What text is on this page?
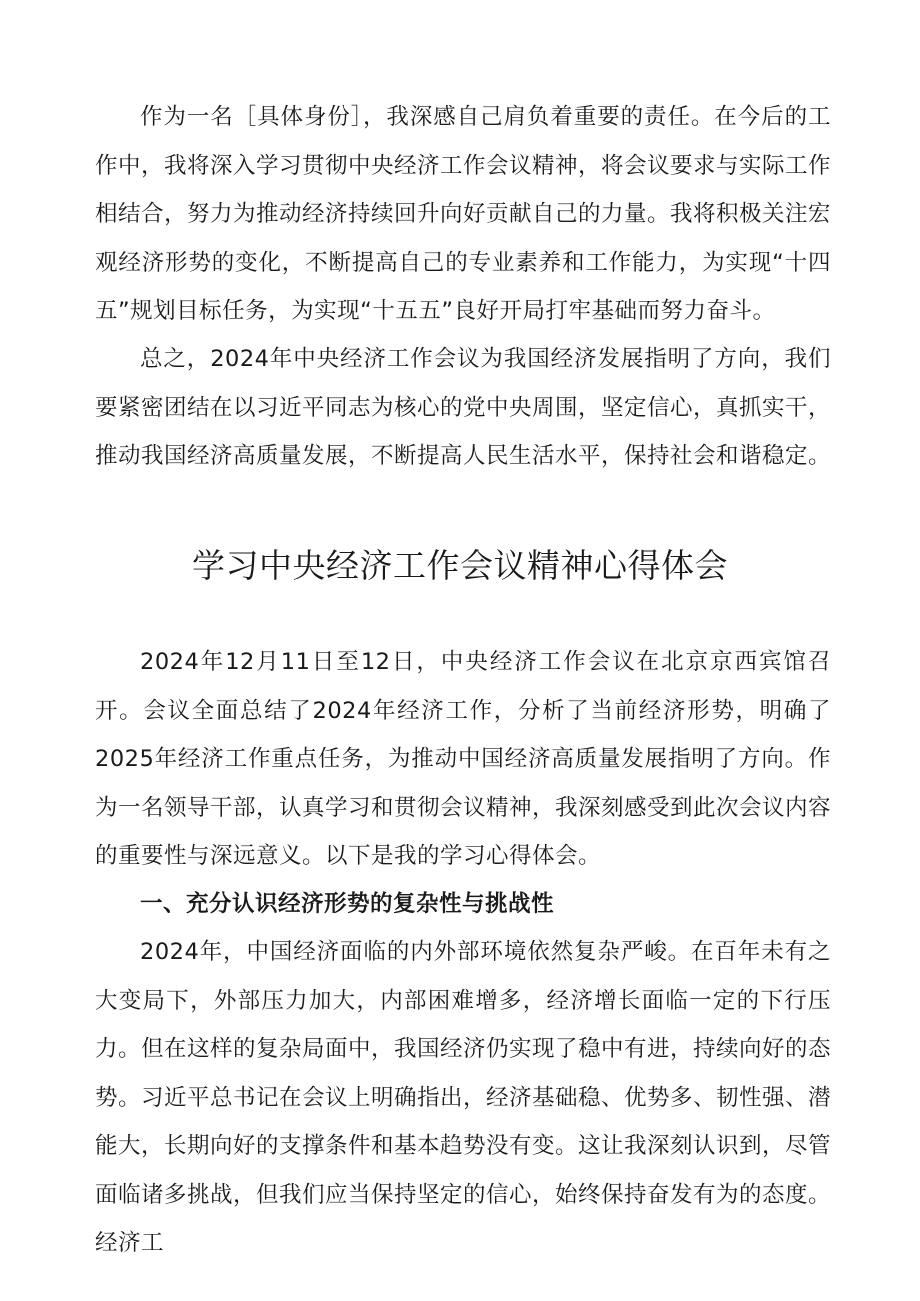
作为一名［具体身份］，我深感自己肩负着重要的责任。在今后的工作中，我将深入学习贯彻中央经济工作会议精神，将会议要求与实际工作相结合，努力为推动经济持续回升向好贡献自己的力量。我将积极关注宏观经济形势的变化，不断提高自己的专业素养和工作能力，为实现“十四五”规划目标任务，为实现“十五五”良好开局打牢基础而努力奋斗。

总之，2024年中央经济工作会议为我国经济发展指明了方向，我们要紧密团结在以习近平同志为核心的党中央周围，坚定信心，真抓实干，推动我国经济高质量发展，不断提高人民生活水平，保持社会和谐稳定。

学习中央经济工作会议精神心得体会

2024年12月11日至12日，中央经济工作会议在北京京西宾馆召开。会议全面总结了2024年经济工作，分析了当前经济形势，明确了2025年经济工作重点任务，为推动中国经济高质量发展指明了方向。作为一名领导干部，认真学习和贯彻会议精神，我深刻感受到此次会议内容的重要性与深远意义。以下是我的学习心得体会。

一、充分认识经济形势的复杂性与挑战性

2024年，中国经济面临的内外部环境依然复杂严峻。在百年未有之大变局下，外部压力加大，内部困难增多，经济增长面临一定的下行压力。但在这样的复杂局面中，我国经济仍实现了稳中有进，持续向好的态势。习近平总书记在会议上明确指出，经济基础稳、优势多、韧性强、潜能大，长期向好的支撑条件和基本趋势没有变。这让我深刻认识到，尽管面临诸多挑战，但我们应当保持坚定的信心，始终保持奋发有为的态度。经济工
